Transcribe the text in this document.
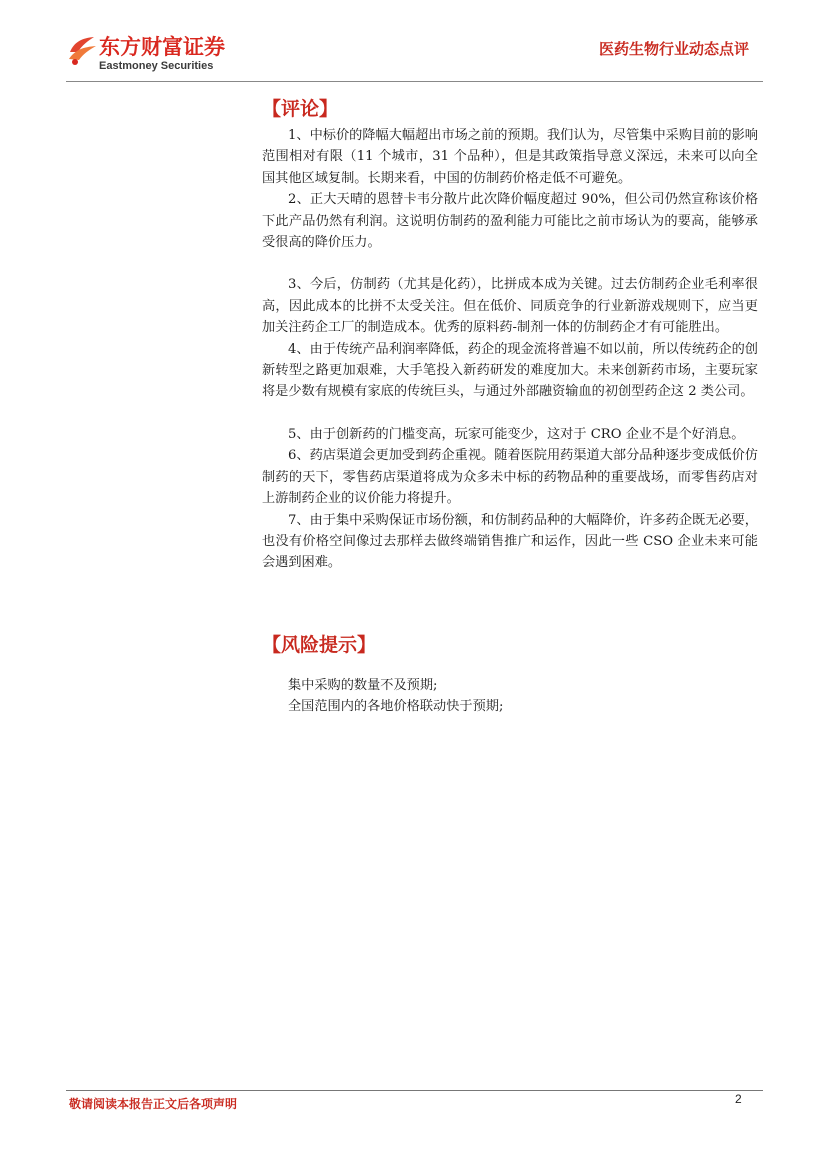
东方财富证券
Eastmoney Securities
医药生物行业动态点评
【评论】

1、中标价的降幅大幅超出市场之前的预期。我们认为，尽管集中采购目前的影响范围相对有限（11 个城市，31 个品种），但是其政策指导意义深远，未来可以向全国其他区域复制。长期来看，中国的仿制药价格走低不可避免。

2、正大天晴的恩替卡韦分散片此次降价幅度超过 90%，但公司仍然宣称该价格下此产品仍然有利润。这说明仿制药的盈利能力可能比之前市场认为的要高，能够承受很高的降价压力。

3、今后，仿制药（尤其是化药），比拼成本成为关键。过去仿制药企业毛利率很高，因此成本的比拼不太受关注。但在低价、同质竞争的行业新游戏规则下，应当更加关注药企工厂的制造成本。优秀的原料药-制剂一体的仿制药企才有可能胜出。

4、由于传统产品利润率降低，药企的现金流将普遍不如以前，所以传统药企的创新转型之路更加艰难，大手笔投入新药研发的难度加大。未来创新药市场，主要玩家将是少数有规模有家底的传统巨头，与通过外部融资输血的初创型药企这 2 类公司。

5、由于创新药的门槛变高，玩家可能变少，这对于 CRO 企业不是个好消息。

6、药店渠道会更加受到药企重视。随着医院用药渠道大部分品种逐步变成低价仿制药的天下，零售药店渠道将成为众多未中标的药物品种的重要战场，而零售药店对上游制药企业的议价能力将提升。

7、由于集中采购保证市场份额，和仿制药品种的大幅降价，许多药企既无必要，也没有价格空间像过去那样去做终端销售推广和运作，因此一些 CSO 企业未来可能会遇到困难。

【风险提示】
集中采购的数量不及预期;
全国范围内的各地价格联动快于预期;
敬请阅读本报告正文后各项声明	2
